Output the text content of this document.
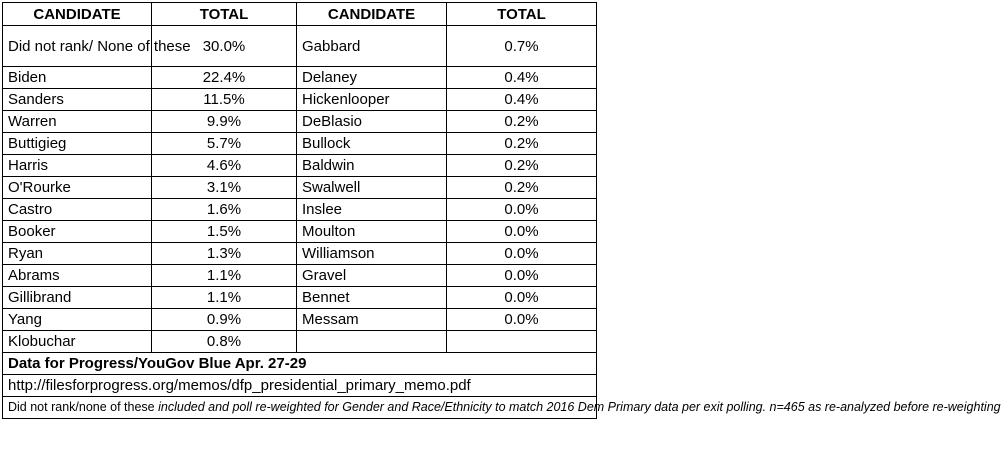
CANDIDATE	TOTAL	CANDIDATE	TOTAL
Did not rank/ None of these	30.0%	Gabbard	0.7%
Biden	22.4%	Delaney	0.4%
Sanders	11.5%	Hickenlooper	0.4%
Warren	9.9%	DeBlasio	0.2%
Buttigieg	5.7%	Bullock	0.2%
Harris	4.6%	Baldwin	0.2%
O'Rourke	3.1%	Swalwell	0.2%
Castro	1.6%	Inslee	0.0%
Booker	1.5%	Moulton	0.0%
Ryan	1.3%	Williamson	0.0%
Abrams	1.1%	Gravel	0.0%
Gillibrand	1.1%	Bennet	0.0%
Yang	0.9%	Messam	0.0%
Klobuchar	0.8%		
Data for Progress/YouGov Blue Apr. 27-29			
http://filesforprogress.org/memos/dfp_presidential_primary_memo.pdf			
Did not rank/none of these included and poll re-weighted for Gender and Race/Ethnicity to match 2016 Dem Primary data per exit polling. n=465 as re-analyzed before re-weighting			
